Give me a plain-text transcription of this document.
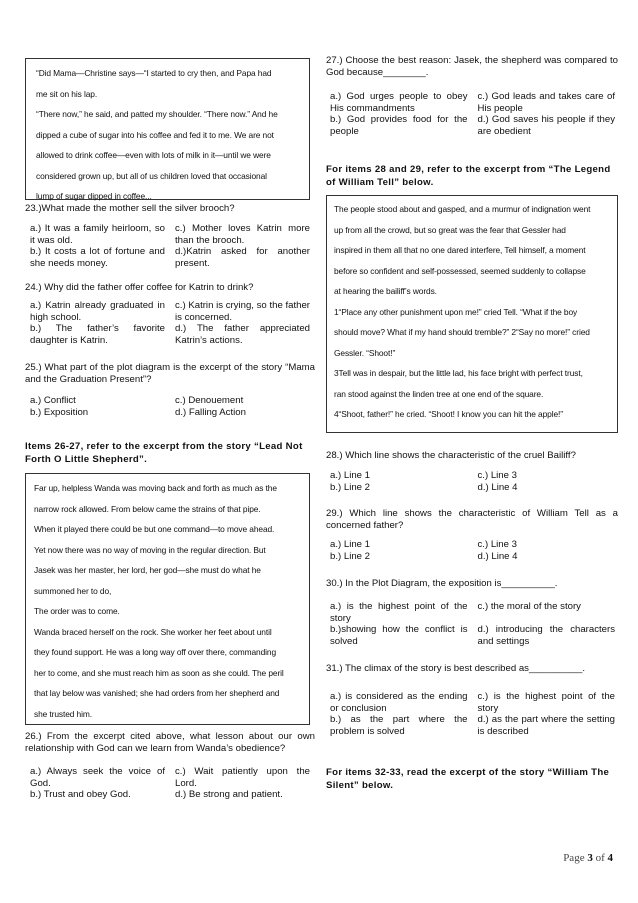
“Did Mama—Christine says—“I started to cry then, and Papa had

me sit on his lap.

“There now,” he said, and patted my shoulder. “There now.” And he

dipped a cube of sugar into his coffee and fed it to me. We are not

allowed to drink coffee—even with lots of milk in it—until we were

considered grown up, but all of us children loved that occasional

lump of sugar dipped in coffee...

23.)What made the mother sell the silver brooch?

a.) It was a family heirloom, so it was old.
c.) Mother loves Katrin more than the brooch.
b.) It costs a lot of fortune and she needs money.
d.)Katrin asked for another present.

24.) Why did the father offer coffee for Katrin to drink?

a.) Katrin already graduated in high school.
c.) Katrin is crying, so the father is concerned.
b.) The father’s favorite daughter is Katrin.
d.) The father appreciated Katrin’s actions.

25.) What part of the plot diagram is the excerpt of the story “Mama and the Graduation Present”?

a.) Conflict	c.) Denouement
b.) Exposition	d.) Falling Action
Items 26-27, refer to the excerpt from the story “Lead Not Forth O Little Shepherd”.

Far up, helpless Wanda was moving back and forth as much as the

narrow rock allowed. From below came the strains of that pipe.

When it played there could be but one command—to move ahead.

Yet now there was no way of moving in the regular direction. But

Jasek was her master, her lord, her god—she must do what he

summoned her to do,

The order was to come.

Wanda braced herself on the rock. She worker her feet about until

they found support. He was a long way off over there, commanding

her to come, and she must reach him as soon as she could. The peril

that lay below was vanished; she had orders from her shepherd and

she trusted him.

26.) From the excerpt cited above, what lesson about our own relationship with God can we learn from Wanda’s obedience?

a.) Always seek the voice of God.
c.) Wait patiently upon the Lord.
b.) Trust and obey God.	d.) Be strong and patient.

27.) Choose the best reason: Jasek, the shepherd was compared to God because________.

a.) God urges people to obey His commandments
c.) God leads and takes care of His people
b.) God provides food for the people
d.) God saves his people if they are obedient
For items 28 and 29, refer to the excerpt from “The Legend of William Tell” below.

The people stood about and gasped, and a murmur of indignation went

up from all the crowd, but so great was the fear that Gessler had

inspired in them all that no one dared interfere, Tell himself, a moment

before so confident and self-possessed, seemed suddenly to collapse

at hearing the bailiff’s words.

1“Place any other punishment upon me!” cried Tell. “What if the boy

should move? What if my hand should tremble?” 2“Say no more!” cried

Gessler. “Shoot!”

3Tell was in despair, but the little lad, his face bright with perfect trust,

ran stood against the linden tree at one end of the square.

4“Shoot, father!” he cried. “Shoot! I know you can hit the apple!”

28.) Which line shows the characteristic of the cruel Bailiff?

a.) Line 1	c.) Line 3
b.) Line 2	d.) Line 4

29.) Which line shows the characteristic of William Tell as a concerned father?

a.) Line 1	c.) Line 3
b.) Line 2	d.) Line 4

30.) In the Plot Diagram, the exposition is__________.

a.) is the highest point of the story
c.) the moral of the story
b.)showing how the conflict is solved
d.) introducing the characters and settings

31.) The climax of the story is best described as__________.

a.) is considered as the ending or conclusion
c.) is the highest point of the story
b.) as the part where the problem is solved
d.) as the part where the setting is described
For items 32-33, read the excerpt of the story “William The Silent” below.
Page 3 of 4
